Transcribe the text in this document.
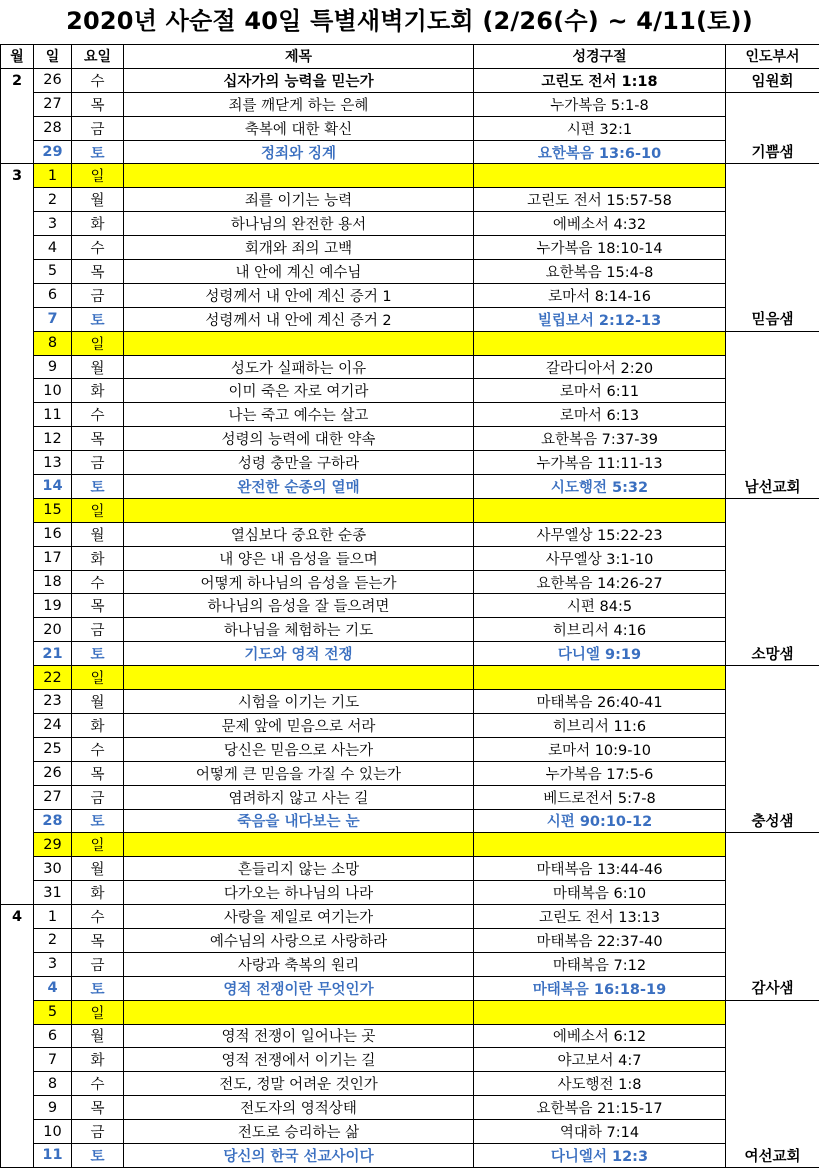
2020년 사순절 40일 특별새벽기도회 (2/26(수) ~ 4/11(토))
월	일	요일	제목	성경구절	인도부서
2	26	수	십자가의 능력을 믿는가	고린도 전서 1:18	임원회
	27	목	죄를 깨닫게 하는 은혜	누가복음 5:1-8	
	28	금	축복에 대한 확신	시편 32:1	
	29	토	정죄와 징계	요한복음 13:6-10	기쁨샘
3	1	일			
	2	월	죄를 이기는 능력	고린도 전서 15:57-58	
	3	화	하나님의 완전한 용서	에베소서 4:32	
	4	수	회개와 죄의 고백	누가복음 18:10-14	
	5	목	내 안에 계신 예수님	요한복음 15:4-8	
	6	금	성령께서 내 안에 계신 증거 1	로마서 8:14-16	
	7	토	성령께서 내 안에 계신 증거 2	빌립보서 2:12-13	믿음샘
	8	일			
	9	월	성도가 실패하는 이유	갈라디아서 2:20	
	10	화	이미 죽은 자로 여기라	로마서 6:11	
	11	수	나는 죽고 예수는 살고	로마서 6:13	
	12	목	성령의 능력에 대한 약속	요한복음 7:37-39	
	13	금	성령 충만을 구하라	누가복음 11:11-13	
	14	토	완전한 순종의 열매	시도행전 5:32	남선교회
	15	일			
	16	월	열심보다 중요한 순종	사무엘상 15:22-23	
	17	화	내 양은 내 음성을 들으며	사무엘상 3:1-10	
	18	수	어떻게 하나님의 음성을 듣는가	요한복음 14:26-27	
	19	목	하나님의 음성을 잘 들으려면	시편 84:5	
	20	금	하나님을 체험하는 기도	히브리서 4:16	
	21	토	기도와 영적 전쟁	다니엘 9:19	소망샘
	22	일			
	23	월	시험을 이기는 기도	마태복음 26:40-41	
	24	화	문제 앞에 믿음으로 서라	히브리서 11:6	
	25	수	당신은 믿음으로 사는가	로마서 10:9-10	
	26	목	어떻게 큰 믿음을 가질 수 있는가	누가복음 17:5-6	
	27	금	염려하지 않고 사는 길	베드로전서 5:7-8	
	28	토	죽음을 내다보는 눈	시편 90:10-12	충성샘
	29	일			
	30	월	흔들리지 않는 소망	마태복음 13:44-46	
	31	화	다가오는 하나님의 나라	마태복음 6:10	
4	1	수	사랑을 제일로 여기는가	고린도 전서 13:13	
	2	목	예수님의 사랑으로 사랑하라	마태복음 22:37-40	
	3	금	사랑과 축복의 원리	마태복음 7:12	
	4	토	영적 전쟁이란 무엇인가	마태복음 16:18-19	감사샘
	5	일			
	6	월	영적 전쟁이 일어나는 곳	에베소서 6:12	
	7	화	영적 전쟁에서 이기는 길	야고보서 4:7	
	8	수	전도, 정말 어려운 것인가	사도행전 1:8	
	9	목	전도자의 영적상태	요한복음 21:15-17	
	10	금	전도로 승리하는 삶	역대하 7:14	
	11	토	당신의 한국 선교사이다	다니엘서 12:3	여선교회
